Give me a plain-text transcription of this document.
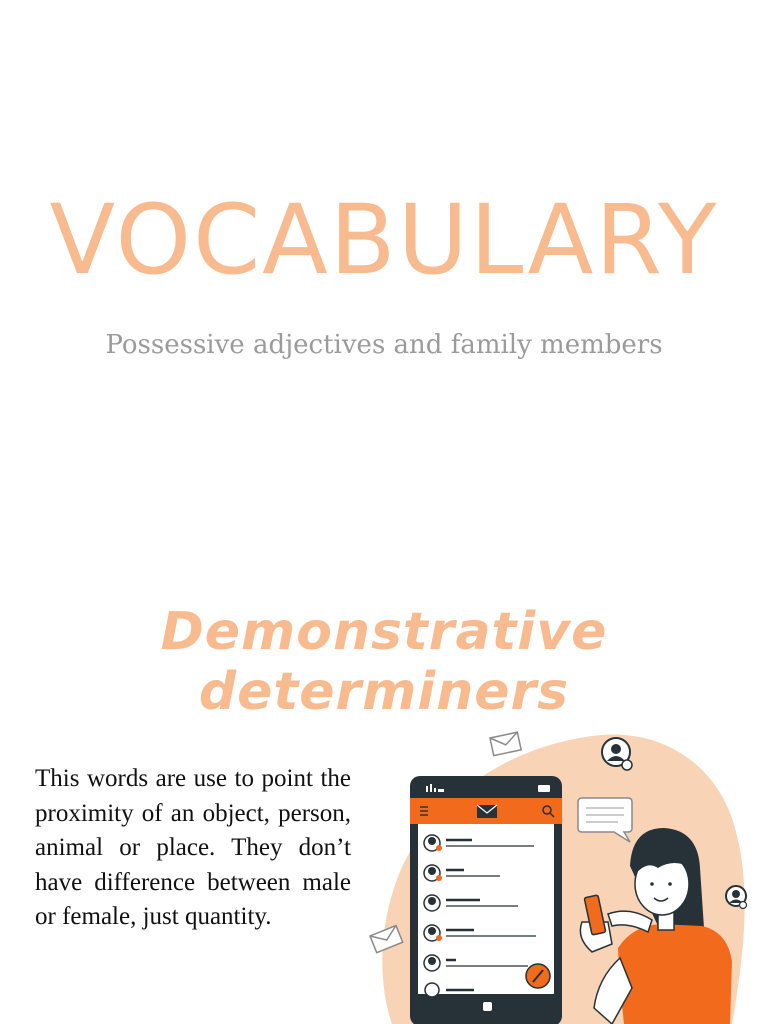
VOCABULARY

Possessive adjectives and family members

Demonstrative determiners

This words are use to point the proximity of an object, person, animal or place. They don’t have difference between male or female, just quantity.
